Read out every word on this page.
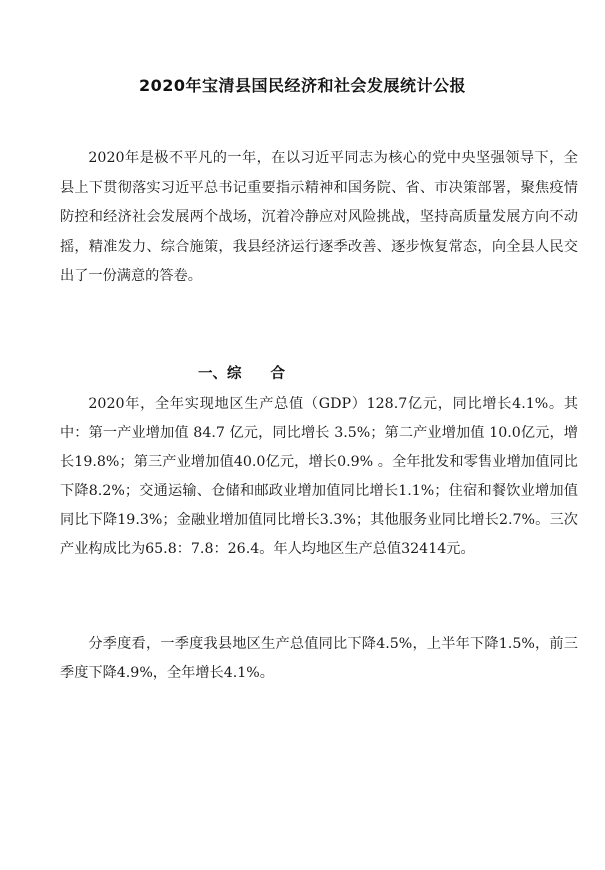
2020年宝清县国民经济和社会发展统计公报

2020年是极不平凡的一年，在以习近平同志为核心的党中央坚强领导下，全县上下贯彻落实习近平总书记重要指示精神和国务院、省、市决策部署，聚焦疫情防控和经济社会发展两个战场，沉着冷静应对风险挑战，坚持高质量发展方向不动摇，精准发力、综合施策，我县经济运行逐季改善、逐步恢复常态，向全县人民交出了一份满意的答卷。

一、综　　合

2020年，全年实现地区生产总值（GDP）128.7亿元，同比增长4.1%。其中：第一产业增加值 84.7 亿元，同比增长 3.5%；第二产业增加值 10.0亿元，增长19.8%；第三产业增加值40.0亿元，增长0.9% 。全年批发和零售业增加值同比下降8.2%；交通运输、仓储和邮政业增加值同比增长1.1%；住宿和餐饮业增加值同比下降19.3%；金融业增加值同比增长3.3%；其他服务业同比增长2.7%。三次产业构成比为65.8：7.8：26.4。年人均地区生产总值32414元。

分季度看，一季度我县地区生产总值同比下降4.5%，上半年下降1.5%，前三季度下降4.9%，全年增长4.1%。
